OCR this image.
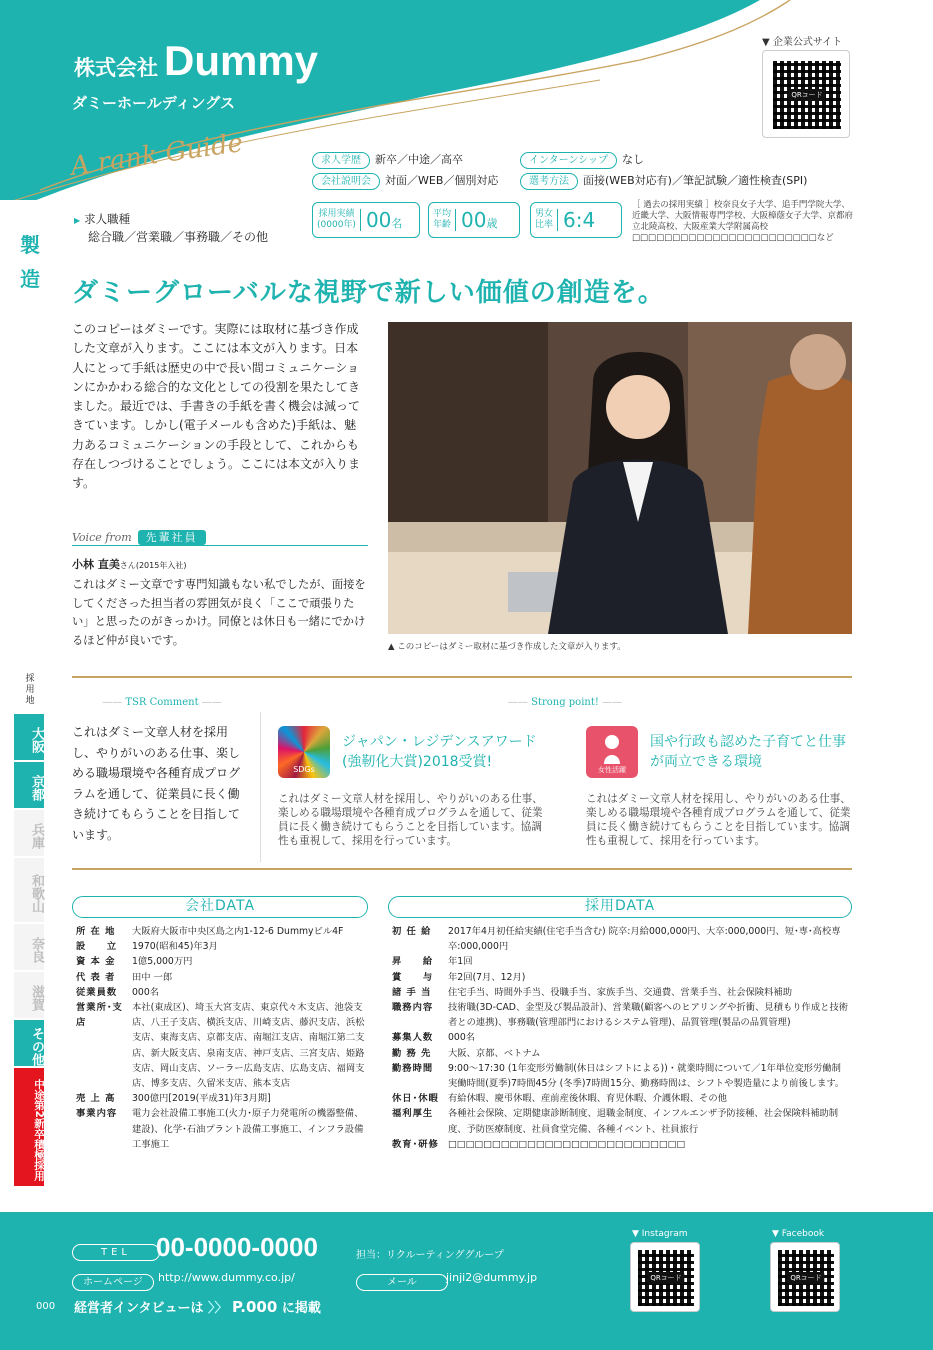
株式会社 Dummy
ダミーホールディングス
A rank Guide
▼ 企業公式サイト
QRコード
製造
▶ 求人職種
総合職／営業職／事務職／その他
求人学歴 新卒／中途／高卒	インターンシップ なし
会社説明会 対面／WEB／個別対応	選考方法 面接(WEB対応有)／筆記試験／適性検査(SPI)
採用実績
(0000年) 00名
平均
年齢 00歳
男女
比率 6:4
［ 過去の採用実績 ］校奈良女子大学、追手門学院大学、近畿大学、大阪情報専門学校、大阪樟蔭女子大学、京都府立北陵高校、大阪産業大学附属高校□□□□□□□□□□□□□□□□□□□□□□□など
ダミーグローバルな視野で新しい価値の創造を。
このコピーはダミーです。実際には取材に基づき作成した文章が入ります。ここには本文が入ります。日本人にとって手紙は歴史の中で長い間コミュニケーションにかかわる総合的な文化としての役割を果たしてきました。最近では、手書きの手紙を書く機会は減ってきています。しかし(電子メールも含めた)手紙は、魅力あるコミュニケーションの手段として、これからも存在しつづけることでしょう。ここには本文が入ります。
▲ このコピーはダミー取材に基づき作成した文章が入ります。
Voice from 先輩社員
小林 直美さん(2015年入社)
これはダミー文章です専門知識もない私でしたが、面接をしてくださった担当者の雰囲気が良く「ここで頑張りたい」と思ったのがきっかけ。同僚とは休日も一緒にでかけるほど仲が良いです。
採用地
大阪
京都
兵庫
和歌山
奈良
滋賀
その他
中途第2新卒積極採用
—— TSR Comment ——	—— Strong point! ——
これはダミー文章人材を採用し、やりがいのある仕事、楽しめる職場環境や各種育成プログラムを通して、従業員に長く働き続けてもらうことを目指しています。
SDGs
ジャパン・レジデンスアワード(強靭化大賞)2018受賞!
これはダミー文章人材を採用し、やりがいのある仕事、楽しめる職場環境や各種育成プログラムを通して、従業員に長く働き続けてもらうことを目指しています。協調性も重視して、採用を行っています。
女性活躍
国や行政も認めた子育てと仕事が両立できる環境
これはダミー文章人材を採用し、やりがいのある仕事、楽しめる職場環境や各種育成プログラムを通して、従業員に長く働き続けてもらうことを目指しています。協調性も重視して、採用を行っています。
会社DATA	採用DATA
所 在 地	大阪府大阪市中央区島之内1-12-6 Dummyビル4F
設　　立	1970(昭和45)年3月
資 本 金	1億5,000万円
代 表 者	田中 一郎
従業員数	000名
営業所･支店
本社(東成区)、埼玉大宮支店、東京代々木支店、池袋支店、八王子支店、横浜支店、川崎支店、藤沢支店、浜松支店、東海支店、京都支店、南堀江支店、南堀江第二支店、新大阪支店、泉南支店、神戸支店、三宮支店、姫路支店、岡山支店、ソーラー広島支店、広島支店、福岡支店、博多支店、久留米支店、熊本支店
売 上 高	300億円[2019(平成31)年3月期]
事業内容	電力会社設備工事施工(火力･原子力発電所の機器整備、建設)、化学･石油プラント設備工事施工、インフラ設備工事施工
初 任 給	2017年4月初任給実績(住宅手当含む) 院卒:月給000,000円、大卒:000,000円、短･専･高校専卒:000,000円
昇　　給	年1回
賞　　与	年2回(7月、12月)
諸 手 当	住宅手当、時間外手当、役職手当、家族手当、交通費、営業手当、社会保険料補助
職務内容	技術職(3D-CAD、金型及び製品設計)、営業職(顧客へのヒアリングや折衝、見積もり作成と技術者との連携)、事務職(管理部門におけるシステム管理)、品質管理(製品の品質管理)
募集人数	000名
勤 務 先	大阪、京都、ベトナム
勤務時間	9:00～17:30 (1年変形労働制(休日はシフトによる))・就業時間について／1年単位変形労働制 実働時間(夏季)7時間45分 (冬季)7時間15分、勤務時間は、シフトや製造量により前後します。
休日･休暇 有給休暇、慶弔休暇、産前産後休暇、育児休暇、介護休暇、その他
福利厚生	各種社会保険、定期健康診断制度、退職金制度、インフルエンザ予防接種、社会保険料補助制度、予防医療制度、社員食堂完備、各種イベント、社員旅行
教育･研修 □□□□□□□□□□□□□□□□□□□□□□□□□□□
TEL 00-0000-0000	担当：リクルーティンググループ
ホームページ	http://www.dummy.co.jp/	メール	jinji2@dummy.jp
000 経営者インタビューは 〉〉 P.000 に掲載
▼ Instagram
QRコード
▼ Facebook
QRコード
